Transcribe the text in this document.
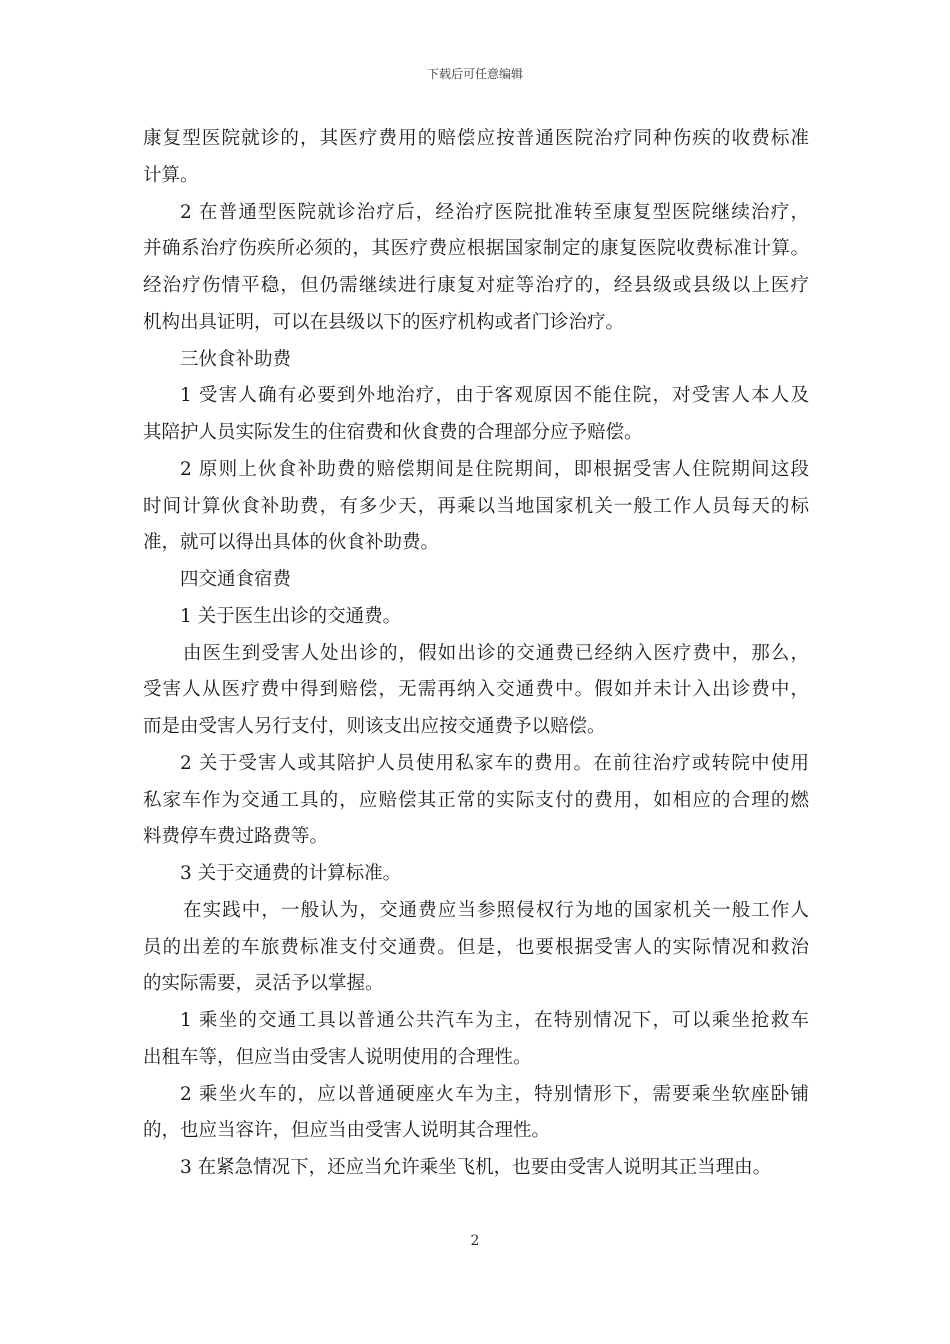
下载后可任意编辑
康复型医院就诊的，其医疗费用的赔偿应按普通医院治疗同种伤疾的收费标准
计算。
2 在普通型医院就诊治疗后，经治疗医院批准转至康复型医院继续治疗，
并确系治疗伤疾所必须的，其医疗费应根据国家制定的康复医院收费标准计算。
经治疗伤情平稳，但仍需继续进行康复对症等治疗的，经县级或县级以上医疗
机构出具证明，可以在县级以下的医疗机构或者门诊治疗。
三伙食补助费
1 受害人确有必要到外地治疗，由于客观原因不能住院，对受害人本人及
其陪护人员实际发生的住宿费和伙食费的合理部分应予赔偿。
2 原则上伙食补助费的赔偿期间是住院期间，即根据受害人住院期间这段
时间计算伙食补助费，有多少天，再乘以当地国家机关一般工作人员每天的标
准，就可以得出具体的伙食补助费。
四交通食宿费
1 关于医生出诊的交通费。
由医生到受害人处出诊的，假如出诊的交通费已经纳入医疗费中，那么，
受害人从医疗费中得到赔偿，无需再纳入交通费中。假如并未计入出诊费中，
而是由受害人另行支付，则该支出应按交通费予以赔偿。
2 关于受害人或其陪护人员使用私家车的费用。在前往治疗或转院中使用
私家车作为交通工具的，应赔偿其正常的实际支付的费用，如相应的合理的燃
料费停车费过路费等。
3 关于交通费的计算标准。
在实践中，一般认为，交通费应当参照侵权行为地的国家机关一般工作人
员的出差的车旅费标准支付交通费。但是，也要根据受害人的实际情况和救治
的实际需要，灵活予以掌握。
1 乘坐的交通工具以普通公共汽车为主，在特别情况下，可以乘坐抢救车
出租车等，但应当由受害人说明使用的合理性。
2 乘坐火车的，应以普通硬座火车为主，特别情形下，需要乘坐软座卧铺
的，也应当容许，但应当由受害人说明其合理性。
3 在紧急情况下，还应当允许乘坐飞机，也要由受害人说明其正当理由。
2
